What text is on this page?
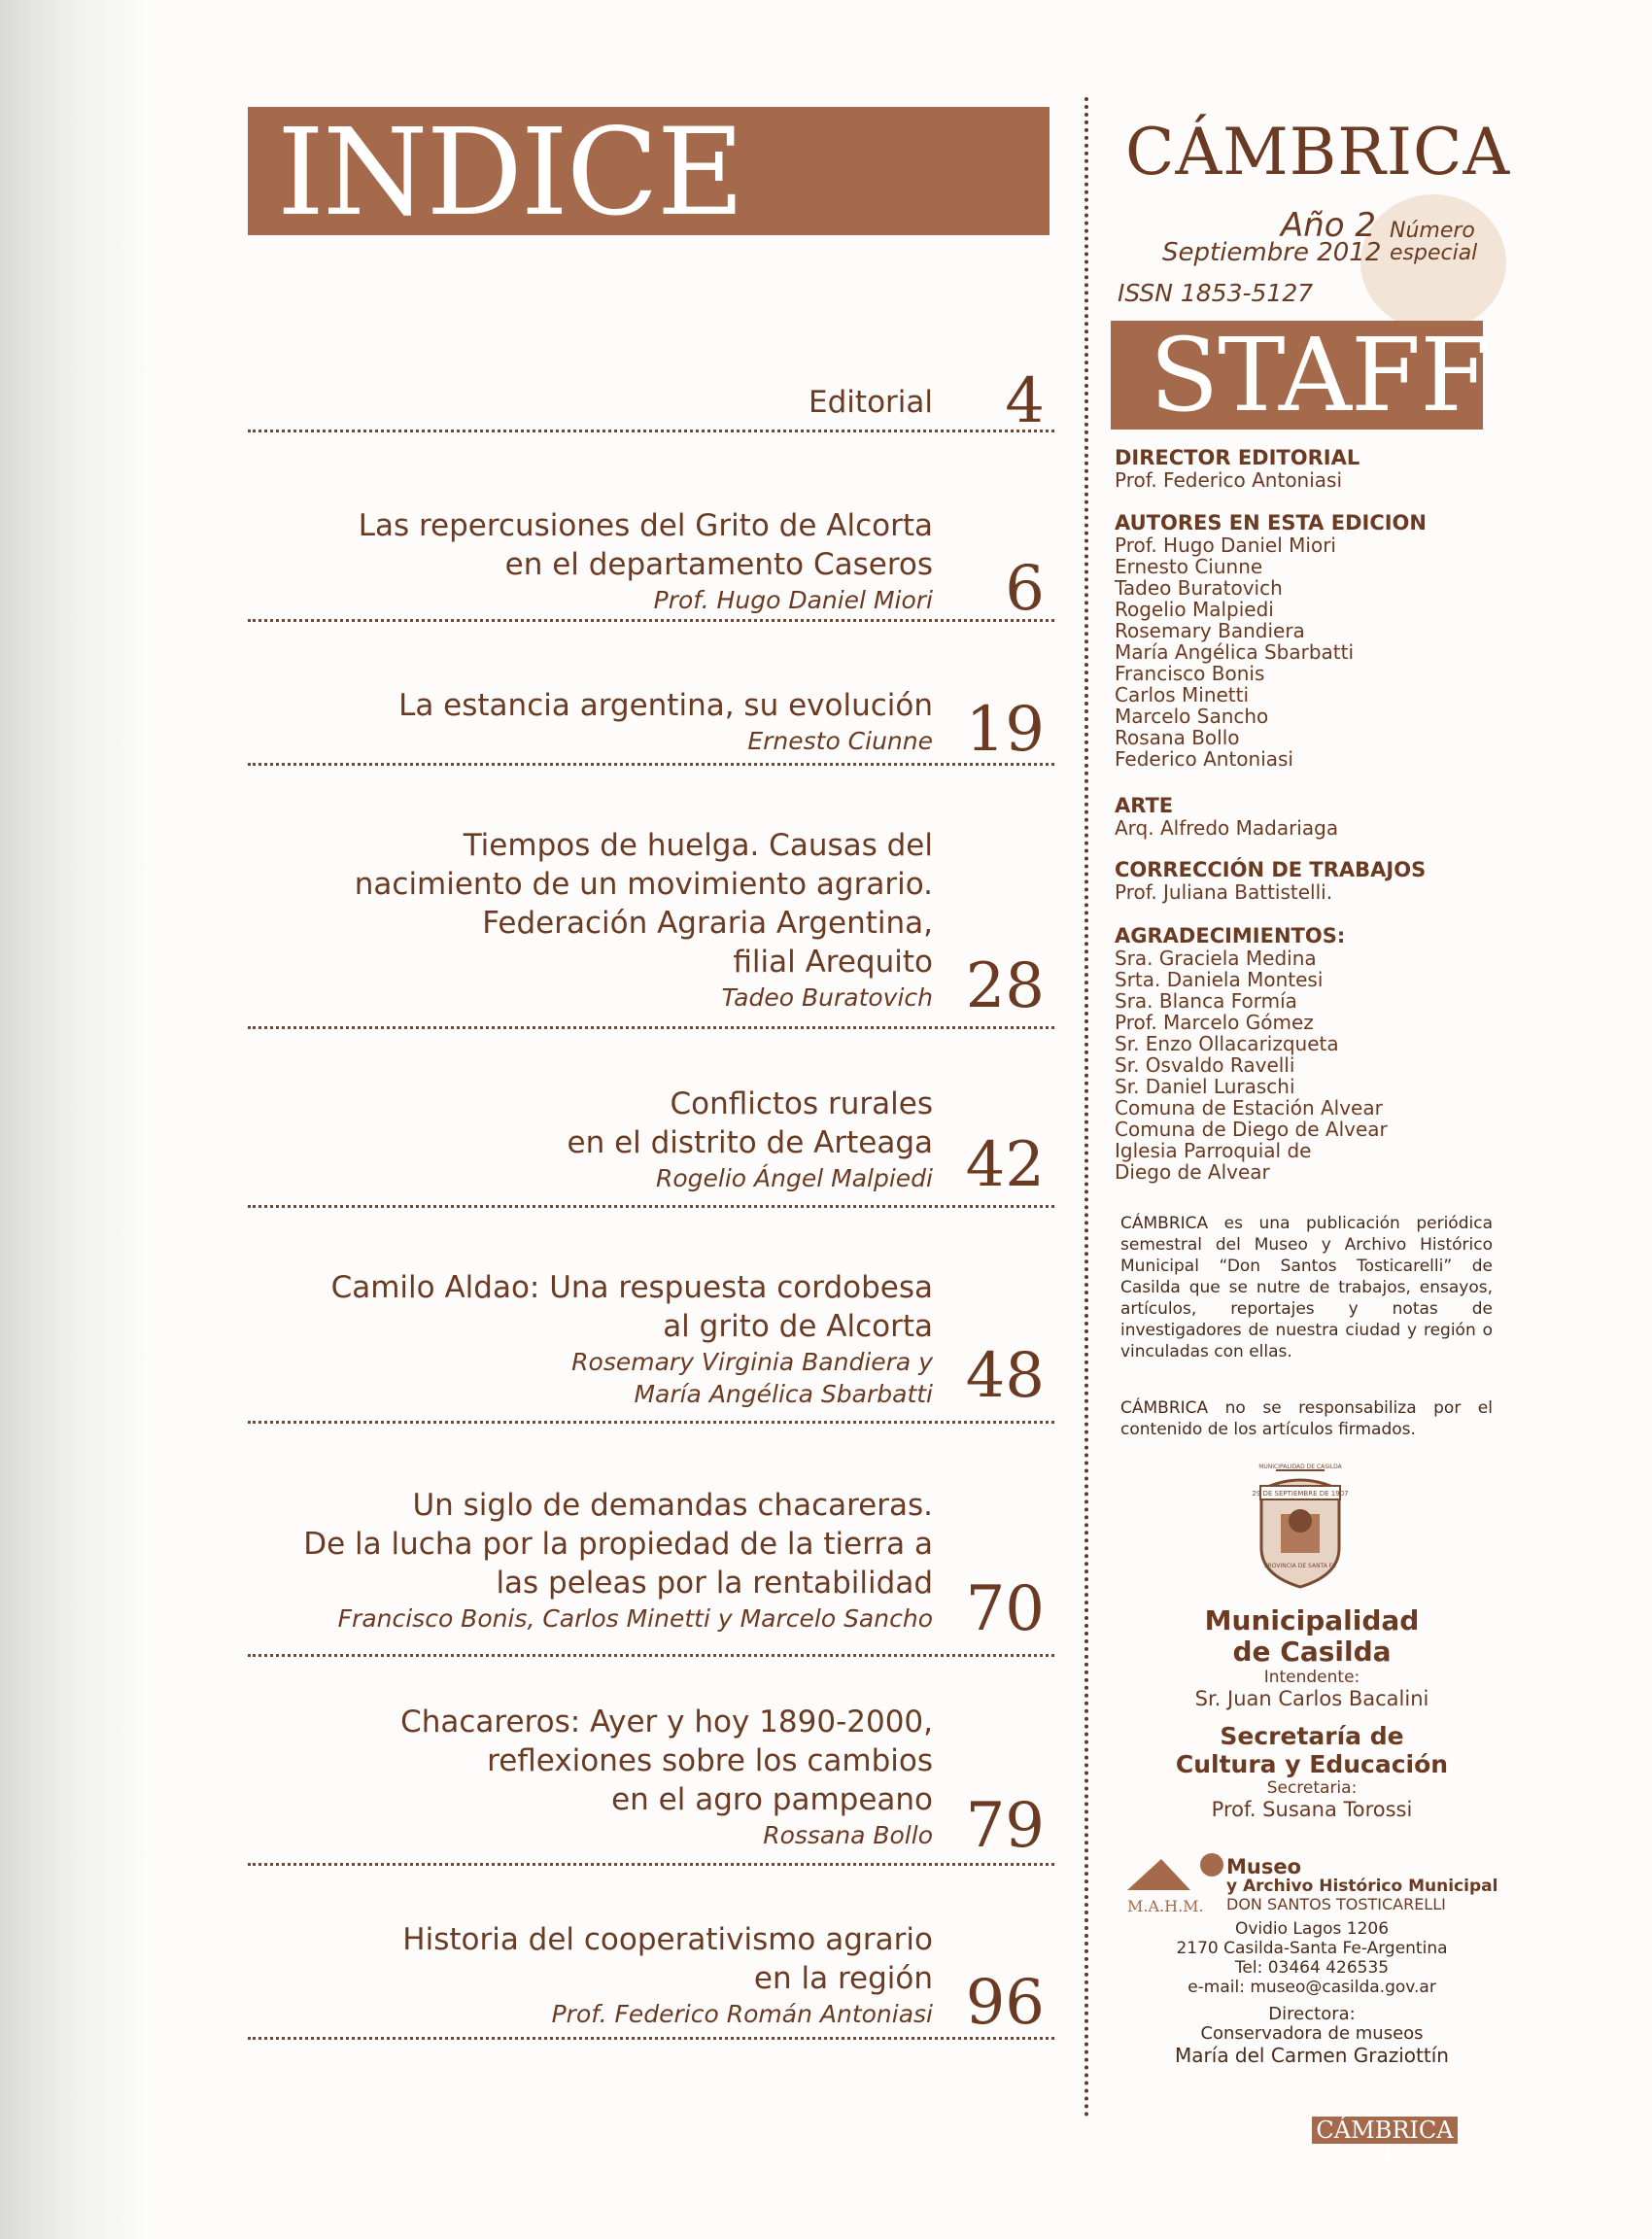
INDICE
Editorial 4
Las repercusiones del Grito de Alcorta
en el departamento Caseros
Prof. Hugo Daniel Miori 6
La estancia argentina, su evolución
Ernesto Ciunne 19
Tiempos de huelga. Causas del
nacimiento de un movimiento agrario.
Federación Agraria Argentina,
filial Arequito
Tadeo Buratovich 28
Conflictos rurales
en el distrito de Arteaga
Rogelio Ángel Malpiedi 42
Camilo Aldao: Una respuesta cordobesa
al grito de Alcorta
Rosemary Virginia Bandiera y
María Angélica Sbarbatti 48
Un siglo de demandas chacareras.
De la lucha por la propiedad de la tierra a
las peleas por la rentabilidad
Francisco Bonis, Carlos Minetti y Marcelo Sancho 70
Chacareros: Ayer y hoy 1890-2000,
reflexiones sobre los cambios
en el agro pampeano
Rossana Bollo 79
Historia del cooperativismo agrario
en la región
Prof. Federico Román Antoniasi 96
CÁMBRICA
Año 2 Número
especial
Septiembre 2012
ISSN 1853-5127
STAFF
DIRECTOR EDITORIAL
Prof. Federico Antoniasi
AUTORES EN ESTA EDICION
Prof. Hugo Daniel Miori
Ernesto Ciunne
Tadeo Buratovich
Rogelio Malpiedi
Rosemary Bandiera
María Angélica Sbarbatti
Francisco Bonis
Carlos Minetti
Marcelo Sancho
Rosana Bollo
Federico Antoniasi
ARTE
Arq. Alfredo Madariaga
CORRECCIÓN DE TRABAJOS
Prof. Juliana Battistelli.
AGRADECIMIENTOS:
Sra. Graciela Medina
Srta. Daniela Montesi
Sra. Blanca Formía
Prof. Marcelo Gómez
Sr. Enzo Ollacarizqueta
Sr. Osvaldo Ravelli
Sr. Daniel Luraschi
Comuna de Estación Alvear
Comuna de Diego de Alvear
Iglesia Parroquial de
Diego de Alvear
CÁMBRICA es una publicación periódica semestral del Museo y Archivo Histórico Municipal “Don Santos Tosticarelli” de Casilda que se nutre de trabajos, ensayos, artículos, reportajes y notas de investigadores de nuestra ciudad y región o vinculadas con ellas.
CÁMBRICA no se responsabiliza por el contenido de los artículos firmados.
29 DE SEPTIEMBRE DE 1907
MUNICIPALIDAD DE CASILDA
PROVINCIA DE SANTA FE
Municipalidad
de Casilda
Intendente:
Sr. Juan Carlos Bacalini
Secretaría de
Cultura y Educación
Secretaria:
Prof. Susana Torossi
M.A.H.M.
Museo
y Archivo Histórico Municipal
DON SANTOS TOSTICARELLI
Ovidio Lagos 1206
2170 Casilda-Santa Fe-Argentina
Tel: 03464 426535
e-mail: museo@casilda.gov.ar
Directora:
Conservadora de museos
María del Carmen Graziottín
CÁMBRICA 3
